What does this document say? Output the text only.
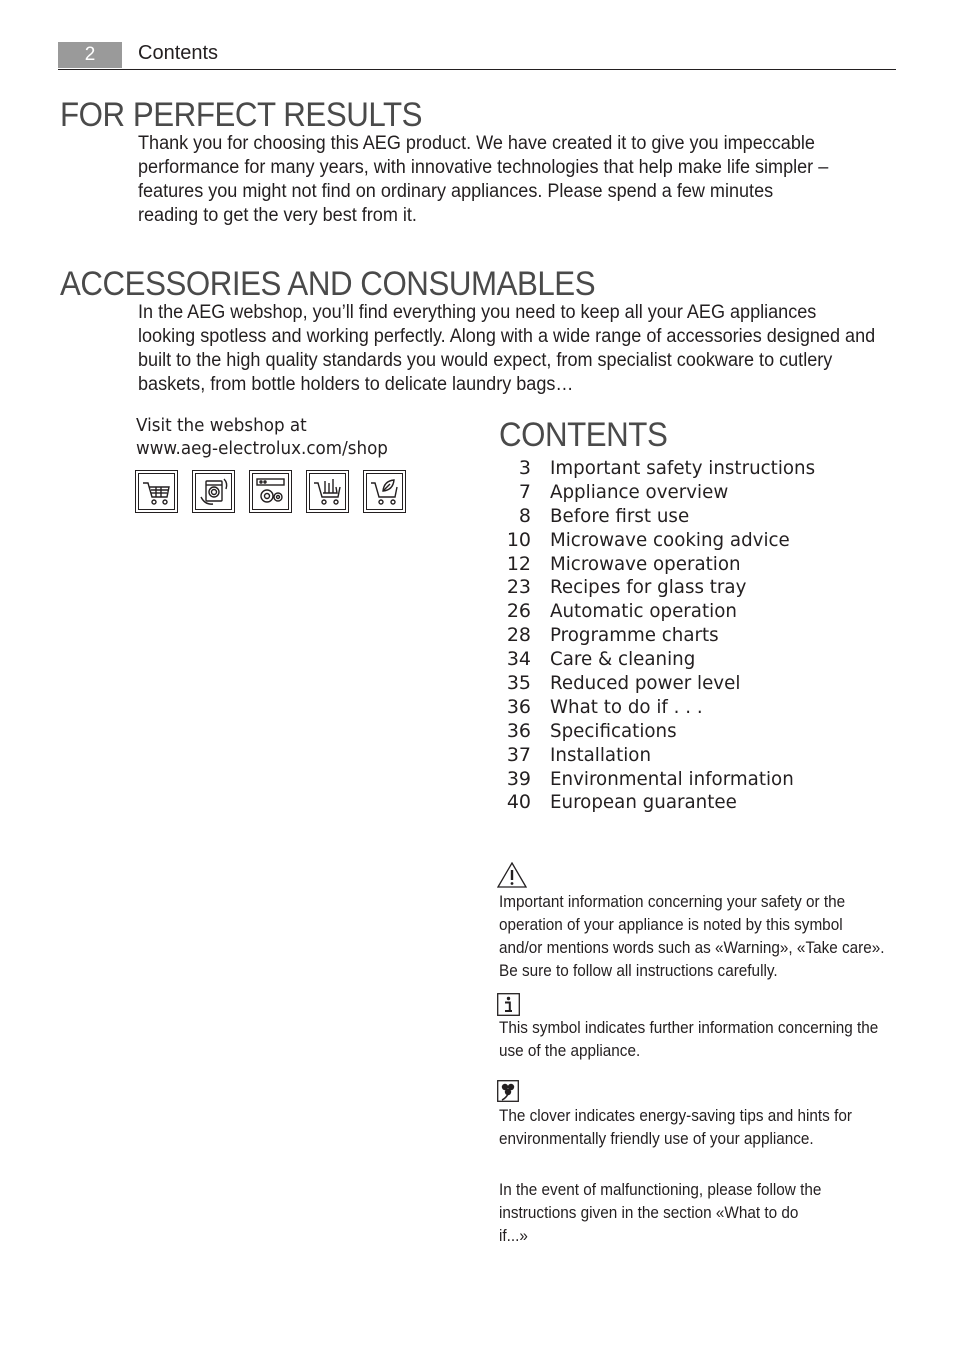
2	Contents
FOR PERFECT RESULTS

Thank you for choosing this AEG product. We have created it to give you impeccable
performance for many years, with innovative technologies that help make life simpler –
features you might not find on ordinary appliances. Please spend a few minutes
reading to get the very best from it.

ACCESSORIES AND CONSUMABLES

In the AEG webshop, you’ll find everything you need to keep all your AEG appliances
looking spotless and working perfectly. Along with a wide range of accessories designed and
built to the high quality standards you would expect, from specialist cookware to cutlery
baskets, from bottle holders to delicate laundry bags…

Visit the webshop at
www.aeg-electrolux.com/shop	CONTENTS
3 Important safety instructions
7 Appliance overview
8 Before first use
10 Microwave cooking advice
12 Microwave operation
23 Recipes for glass tray
26 Automatic operation
28 Programme charts
34 Care & cleaning
35 Reduced power level
36 What to do if . . .
36 Specifications
37 Installation
39 Environmental information
40 European guarantee

Important information concerning your safety or the
operation of your appliance is noted by this symbol
and/or mentions words such as «Warning», «Take care».
Be sure to follow all instructions carefully.

This symbol indicates further information concerning the
use of the appliance.

The clover indicates energy-saving tips and hints for
environmentally friendly use of your appliance.

In the event of malfunctioning, please follow the
instructions given in the section «What to do
if...»
